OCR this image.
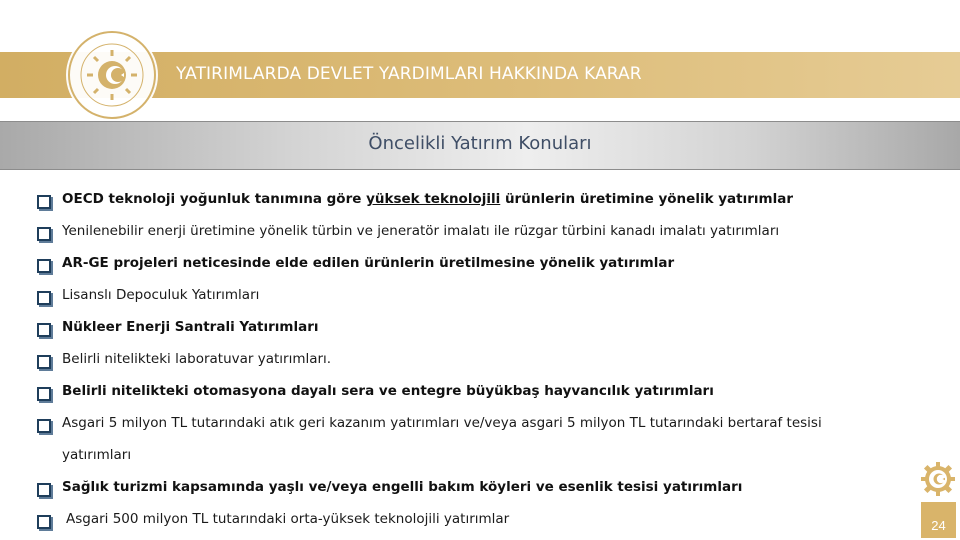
YATIRIMLARDA DEVLET YARDIMLARI HAKKINDA KARAR
Öncelikli Yatırım Konuları
OECD teknoloji yoğunluk tanımına göre yüksek teknolojili ürünlerin üretimine yönelik yatırımlar
Yenilenebilir enerji üretimine yönelik türbin ve jeneratör imalatı ile rüzgar türbini kanadı imalatı yatırımları
AR-GE projeleri neticesinde elde edilen ürünlerin üretilmesine yönelik yatırımlar
Lisanslı Depoculuk Yatırımları
Nükleer Enerji Santrali Yatırımları
Belirli nitelikteki laboratuvar yatırımları.
Belirli nitelikteki otomasyona dayalı sera ve entegre büyükbaş hayvancılık yatırımları
Asgari 5 milyon TL tutarındaki atık geri kazanım yatırımları ve/veya asgari 5 milyon TL tutarındaki bertaraf tesisi
yatırımları
Sağlık turizmi kapsamında yaşlı ve/veya engelli bakım köyleri ve esenlik tesisi yatırımları
Asgari 500 milyon TL tutarındaki orta-yüksek teknolojili yatırımlar	24
